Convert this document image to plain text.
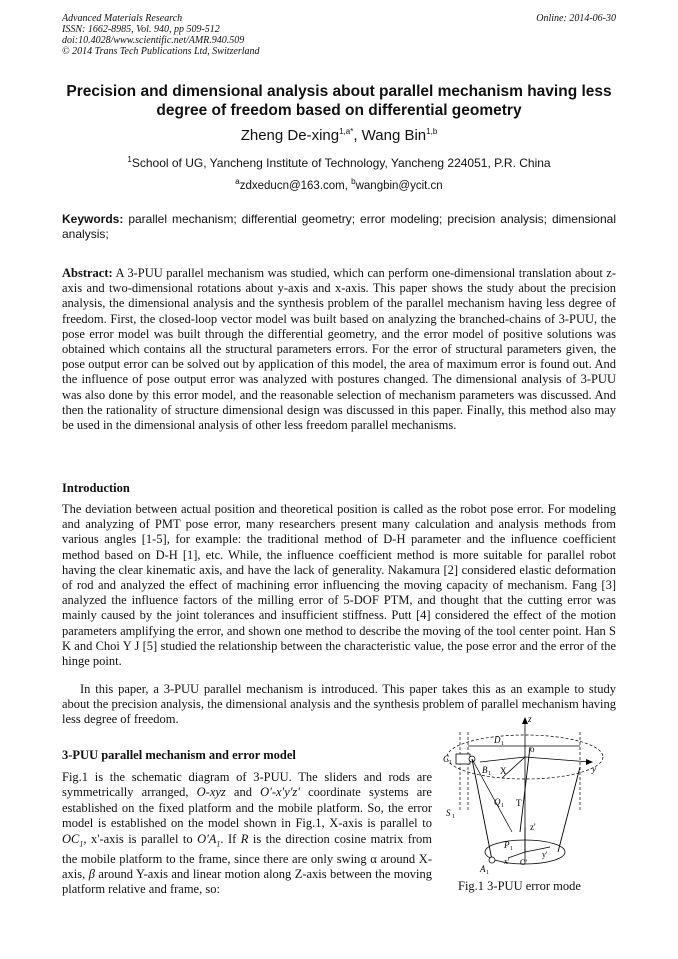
Advanced Materials Research
ISSN: 1662-8985, Vol. 940, pp 509-512
doi:10.4028/www.scientific.net/AMR.940.509
© 2014 Trans Tech Publications Ltd, Switzerland
Online: 2014-06-30
Precision and dimensional analysis about parallel mechanism having less degree of freedom based on differential geometry
Zheng De-xing$^{1,a*}$, Wang Bin$^{1,b}$
$^1$School of UG, Yancheng Institute of Technology, Yancheng 224051, P.R. China
$^a$zdxeducn@163.com, $^b$wangbin@ycit.cn
Keywords: parallel mechanism; differential geometry; error modeling; precision analysis; dimensional analysis;
Abstract: A 3-PUU parallel mechanism was studied, which can perform one-dimensional translation about z-axis and two-dimensional rotations about y-axis and x-axis. This paper shows the study about the precision analysis, the dimensional analysis and the synthesis problem of the parallel mechanism having less degree of freedom. First, the closed-loop vector model was built based on analyzing the branched-chains of 3-PUU, the pose error model was built through the differential geometry, and the error model of positive solutions was obtained which contains all the structural parameters errors. For the error of structural parameters given, the pose output error can be solved out by application of this model, the area of maximum error is found out. And the influence of pose output error was analyzed with postures changed. The dimensional analysis of 3-PUU was also done by this error model, and the reasonable selection of mechanism parameters was discussed. And then the rationality of structure dimensional design was discussed in this paper. Finally, this method also may be used in the dimensional analysis of other less freedom parallel mechanisms.
Introduction

The deviation between actual position and theoretical position is called as the robot pose error. For modeling and analyzing of PMT pose error, many researchers present many calculation and analysis methods from various angles [1-5], for example: the traditional method of D-H parameter and the influence coefficient method based on D-H [1], etc. While, the influence coefficient method is more suitable for parallel robot having the clear kinematic axis, and have the lack of generality. Nakamura [2] considered elastic deformation of rod and analyzed the effect of machining error influencing the moving capacity of mechanism. Fang [3] analyzed the influence factors of the milling error of 5-DOF PTM, and thought that the cutting error was mainly caused by the joint tolerances and insufficient stiffness. Putt [4] considered the effect of the motion parameters amplifying the error, and shown one method to describe the moving of the tool center point. Han S K and Choi Y J [5] studied the relationship between the characteristic value, the pose error and the error of the hinge point.

In this paper, a 3-PUU parallel mechanism is introduced. This paper takes this as an example to study about the precision analysis, the dimensional analysis and the synthesis problem of parallel mechanism having less degree of freedom.

3-PUU parallel mechanism and error model
Fig.1 is the schematic diagram of 3-PUU. The sliders and rods are symmetrically arranged, O-xyz and O'-x'y'z' coordinate systems are established on the fixed platform and the mobile platform. So, the error model is established on the model shown in Fig.1, X-axis is parallel to $OC_1$, x'-axis is parallel to $O'A_1$. If R is the direction cosine matrix from the mobile platform to the frame, since there are only swing α around X-axis, β around Y-axis and linear motion along Z-axis between the moving platform relative and frame, so:
z
D 1	o
y
C 1
B 1 X
Q 1 T
S 1
z'
P 1
A 1
x' O'
y'
Fig.1 3-PUU error mode
